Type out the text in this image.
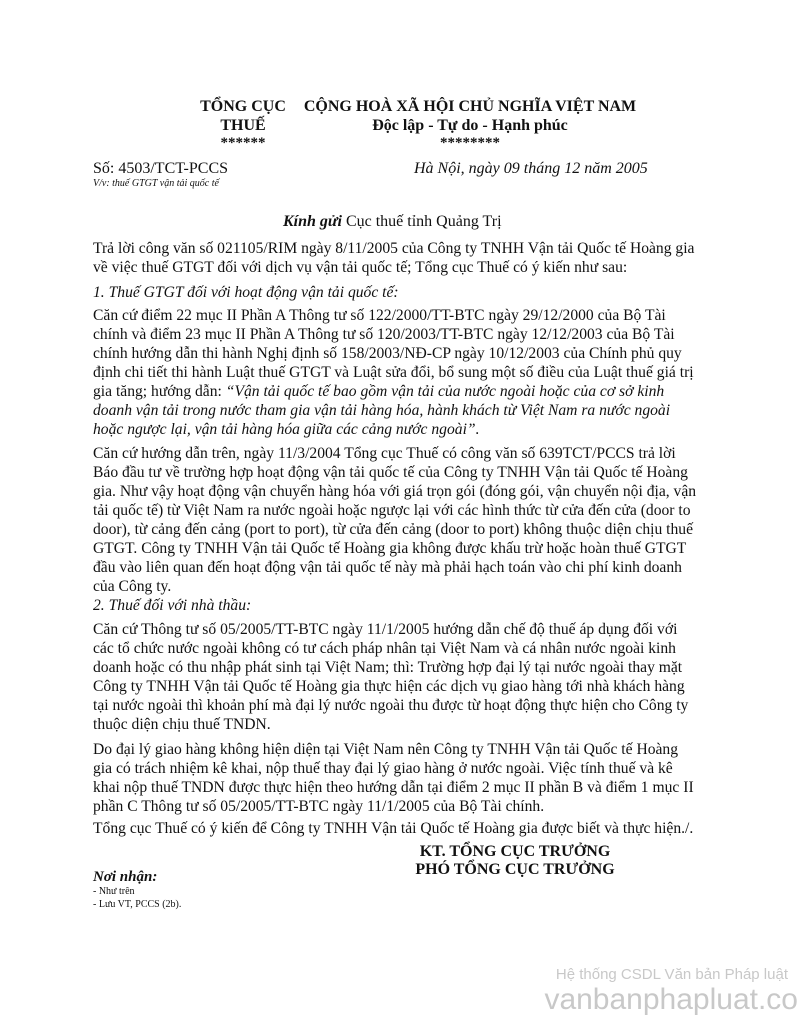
TỔNG CỤC
THUẾ
******
CỘNG HOÀ XÃ HỘI CHỦ NGHĨA VIỆT NAM
Độc lập - Tự do - Hạnh phúc
********
Số: 4503/TCT-PCCS
V/v: thuế GTGT vận tải quốc tế
Hà Nội, ngày 09 tháng 12 năm 2005
Kính gửi Cục thuế tỉnh Quảng Trị
Trả lời công văn số 021105/RIM ngày 8/11/2005 của Công ty TNHH Vận tải Quốc tế Hoàng gia
về việc thuế GTGT đối với dịch vụ vận tải quốc tế; Tổng cục Thuế có ý kiến như sau:
1. Thuế GTGT đối với hoạt động vận tải quốc tế:
Căn cứ điểm 22 mục II Phần A Thông tư số 122/2000/TT-BTC ngày 29/12/2000 của Bộ Tài
chính và điểm 23 mục II Phần A Thông tư số 120/2003/TT-BTC ngày 12/12/2003 của Bộ Tài
chính hướng dẫn thi hành Nghị định số 158/2003/NĐ-CP ngày 10/12/2003 của Chính phủ quy
định chi tiết thi hành Luật thuế GTGT và Luật sửa đổi, bổ sung một số điều của Luật thuế giá trị
gia tăng; hướng dẫn: “Vận tải quốc tế bao gồm vận tải của nước ngoài hoặc của cơ sở kinh
doanh vận tải trong nước tham gia vận tải hàng hóa, hành khách từ Việt Nam ra nước ngoài
hoặc ngược lại, vận tải hàng hóa giữa các cảng nước ngoài”.
Căn cứ hướng dẫn trên, ngày 11/3/2004 Tổng cục Thuế có công văn số 639TCT/PCCS trả lời
Báo đầu tư về trường hợp hoạt động vận tải quốc tế của Công ty TNHH Vận tải Quốc tế Hoàng
gia. Như vậy hoạt động vận chuyển hàng hóa với giá trọn gói (đóng gói, vận chuyển nội địa, vận
tải quốc tế) từ Việt Nam ra nước ngoài hoặc ngược lại với các hình thức từ cửa đến cửa (door to
door), từ cảng đến cảng (port to port), từ cửa đến cảng (door to port) không thuộc diện chịu thuế
GTGT. Công ty TNHH Vận tải Quốc tế Hoàng gia không được khấu trừ hoặc hoàn thuế GTGT
đầu vào liên quan đến hoạt động vận tải quốc tế này mà phải hạch toán vào chi phí kinh doanh
của Công ty.
2. Thuế đối với nhà thầu:
Căn cứ Thông tư số 05/2005/TT-BTC ngày 11/1/2005 hướng dẫn chế độ thuế áp dụng đối với
các tổ chức nước ngoài không có tư cách pháp nhân tại Việt Nam và cá nhân nước ngoài kinh
doanh hoặc có thu nhập phát sinh tại Việt Nam; thì: Trường hợp đại lý tại nước ngoài thay mặt
Công ty TNHH Vận tải Quốc tế Hoàng gia thực hiện các dịch vụ giao hàng tới nhà khách hàng
tại nước ngoài thì khoản phí mà đại lý nước ngoài thu được từ hoạt động thực hiện cho Công ty
thuộc diện chịu thuế TNDN.
Do đại lý giao hàng không hiện diện tại Việt Nam nên Công ty TNHH Vận tải Quốc tế Hoàng
gia có trách nhiệm kê khai, nộp thuế thay đại lý giao hàng ở nước ngoài. Việc tính thuế và kê
khai nộp thuế TNDN được thực hiện theo hướng dẫn tại điểm 2 mục II phần B và điểm 1 mục II
phần C Thông tư số 05/2005/TT-BTC ngày 11/1/2005 của Bộ Tài chính.
Tổng cục Thuế có ý kiến để Công ty TNHH Vận tải Quốc tế Hoàng gia được biết và thực hiện./.
KT. TỔNG CỤC TRƯỞNG
PHÓ TỔNG CỤC TRƯỞNG
Nơi nhận:
- Như trên
- Lưu VT, PCCS (2b).
Hệ thống CSDL Văn bản Pháp luật
vanbanphapluat.co
